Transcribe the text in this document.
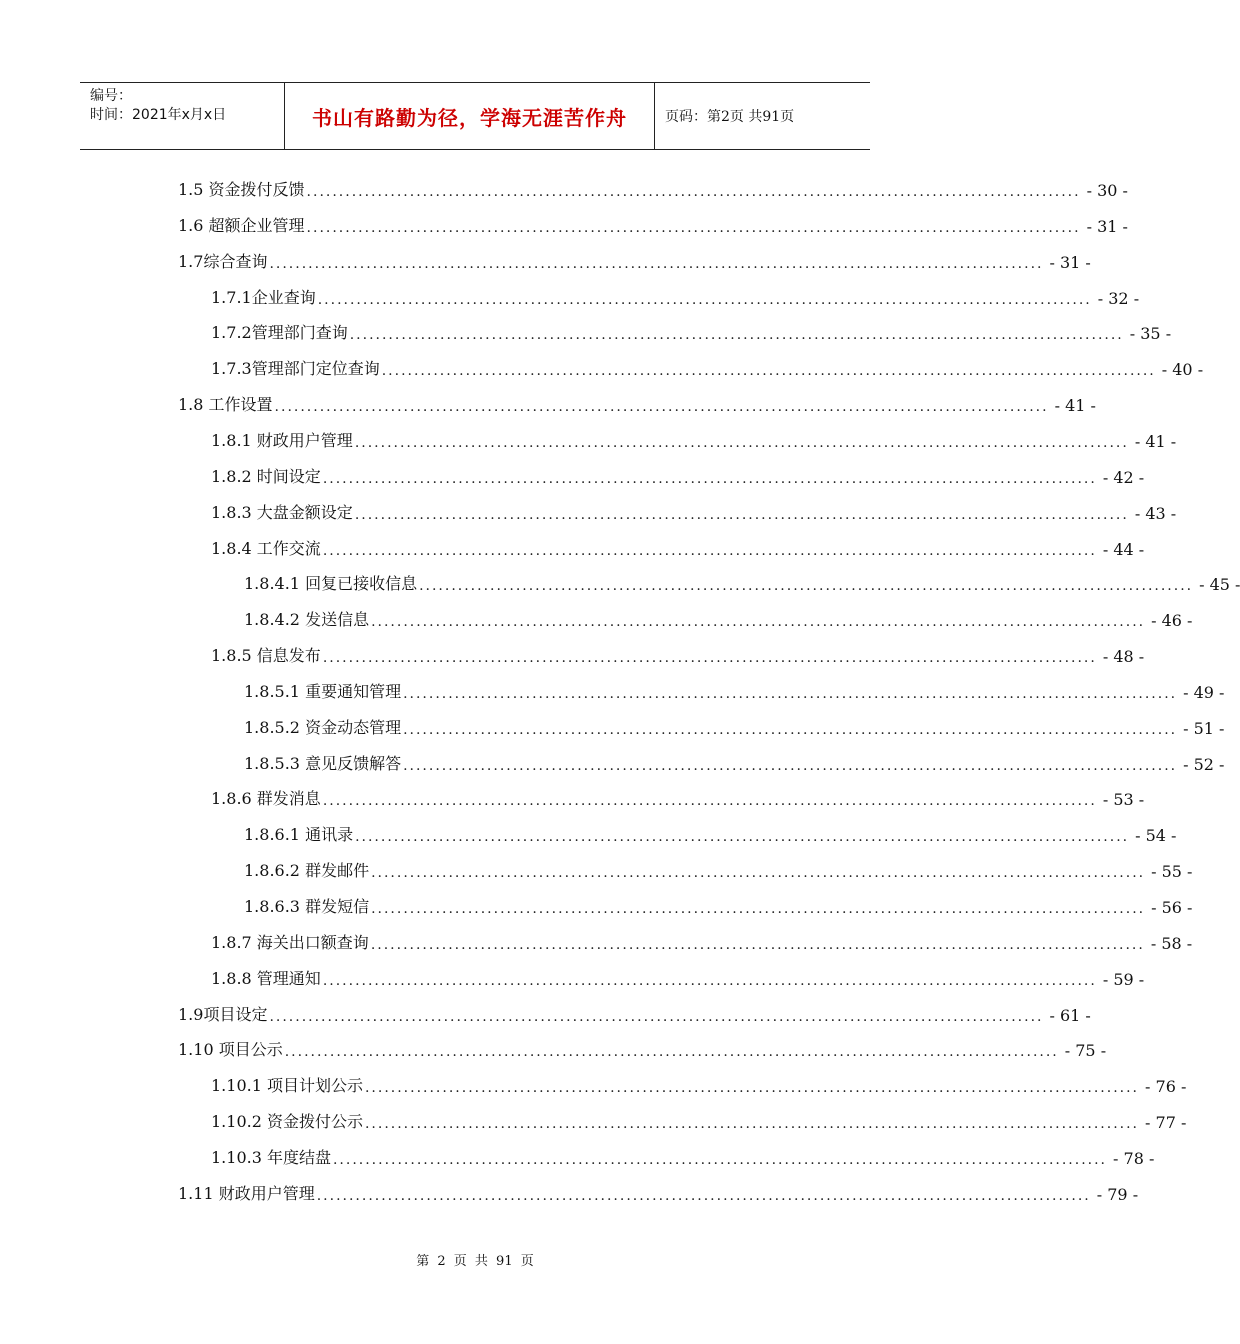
编号：
时间：2021年x月x日	书山有路勤为径，学海无涯苦作舟	页码：第2页 共91页
1.5 资金拨付反馈 ........................................................................................................................ - 30 -
1.6 超额企业管理 ........................................................................................................................ - 31 -
1.7综合查询 ........................................................................................................................ - 31 -
1.7.1企业查询 ........................................................................................................................ - 32 -
1.7.2管理部门查询 ........................................................................................................................ - 35 -
1.7.3管理部门定位查询 ........................................................................................................................ - 40 -
1.8 工作设置 ........................................................................................................................ - 41 -
1.8.1 财政用户管理 ........................................................................................................................ - 41 -
1.8.2 时间设定 ........................................................................................................................ - 42 -
1.8.3 大盘金额设定 ........................................................................................................................ - 43 -
1.8.4 工作交流 ........................................................................................................................ - 44 -
1.8.4.1 回复已接收信息 ........................................................................................................................ - 45 -
1.8.4.2 发送信息 ........................................................................................................................ - 46 -
1.8.5 信息发布 ........................................................................................................................ - 48 -
1.8.5.1 重要通知管理 ........................................................................................................................ - 49 -
1.8.5.2 资金动态管理 ........................................................................................................................ - 51 -
1.8.5.3 意见反馈解答 ........................................................................................................................ - 52 -
1.8.6 群发消息 ........................................................................................................................ - 53 -
1.8.6.1 通讯录 ........................................................................................................................ - 54 -
1.8.6.2 群发邮件 ........................................................................................................................ - 55 -
1.8.6.3 群发短信 ........................................................................................................................ - 56 -
1.8.7 海关出口额查询 ........................................................................................................................ - 58 -
1.8.8 管理通知 ........................................................................................................................ - 59 -
1.9项目设定 ........................................................................................................................ - 61 -
1.10 项目公示 ........................................................................................................................ - 75 -
1.10.1 项目计划公示 ........................................................................................................................ - 76 -
1.10.2 资金拨付公示 ........................................................................................................................ - 77 -
1.10.3 年度结盘 ........................................................................................................................ - 78 -
1.11 财政用户管理 ........................................................................................................................ - 79 -
第 2 页 共 91 页
